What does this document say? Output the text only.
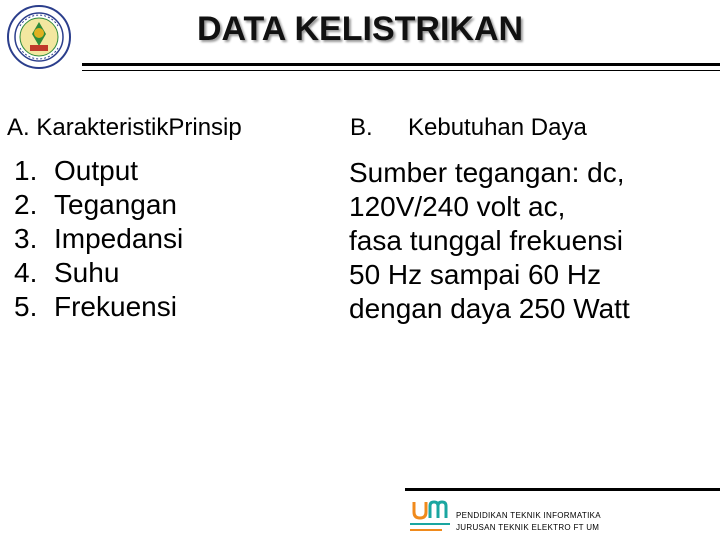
DATA KELISTRIKAN
A. KarakteristikPrinsip	B. Kebutuhan Daya
1. Output
2. Tegangan
3. Impedansi
4. Suhu
5. Frekuensi
Sumber tegangan: dc,
120V/240 volt ac,
fasa tunggal frekuensi
50 Hz sampai 60 Hz
dengan daya 250 Watt
PENDIDIKAN TEKNIK INFORMATIKA
JURUSAN TEKNIK ELEKTRO FT UM
